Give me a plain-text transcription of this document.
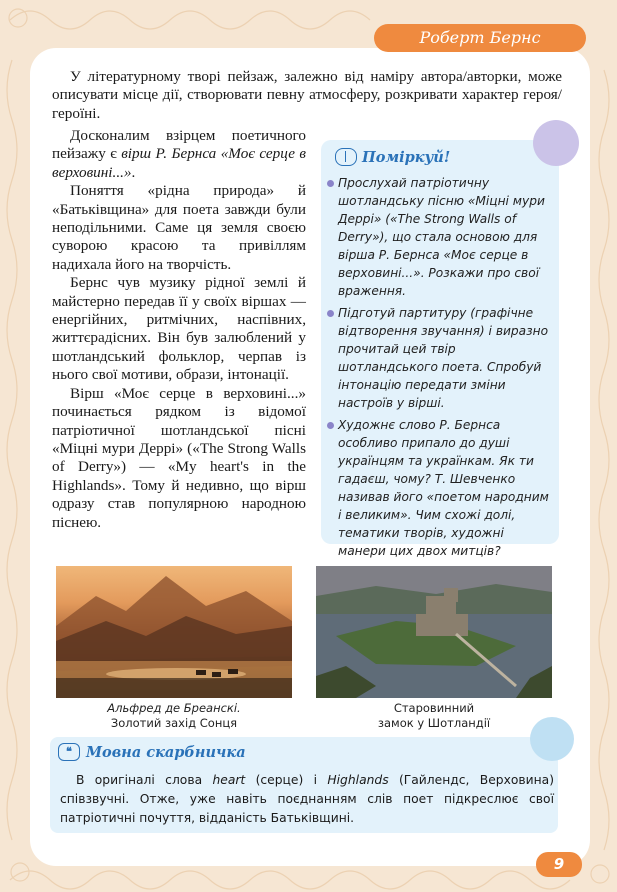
Роберт Бернс

У літературному творі пейзаж, залежно від наміру автора/авторки, може описувати місце дії, створювати певну атмосферу, розкривати характер героя/героїні.

Досконалим взірцем поетичного пейзажу є вірш Р. Бернса «Моє серце в верховині...».

Поняття «рідна природа» й «Батьківщина» для поета завжди були неподільними. Саме ця земля своєю суворою красою та привіллям надихала його на творчість.

Бернс чув музику рідної землі й майстерно передав її у своїх віршах — енергійних, ритмічних, наспівних, життєрадісних. Він був залюблений у шотландський фольклор, черпав із нього свої мотиви, образи, інтонації.

Вірш «Моє серце в верховині...» починається рядком із відомої патріотичної шотландської пісні «Міцні мури Деррі» («The Strong Walls of Derry») — «My heart's in the Highlands». Тому й недивно, що вірш одразу став популярною народною піснею.

Поміркуй!
Прослухай патріотичну шотландську пісню «Міцні мури Деррі» («The Strong Walls of Derry»), що стала основою для вірша Р. Бернса «Моє серце в верховині...». Розкажи про свої враження.
Підготуй партитуру (графічне відтворення звучання) і виразно прочитай цей твір шотландського поета. Спробуй інтонацію передати зміни настроїв у вірші.
Художнє слово Р. Бернса особливо припало до душі українцям та українкам. Як ти гадаєш, чому? Т. Шевченко називав його «поетом народним і великим». Чим схожі долі, тематики творів, художні манери цих двох митців?
Альфред де Бреанскі.
Золотий захід Сонця
Старовинний
замок у Шотландії
❝ Мовна скарбничка
В оригіналі слова heart (серце) і Highlands (Гайлендс, Верховина) співзвучні. Отже, уже навіть поєднанням слів поет підкреслює свої патріотичні почуття, відданість Батьківщині.
9
